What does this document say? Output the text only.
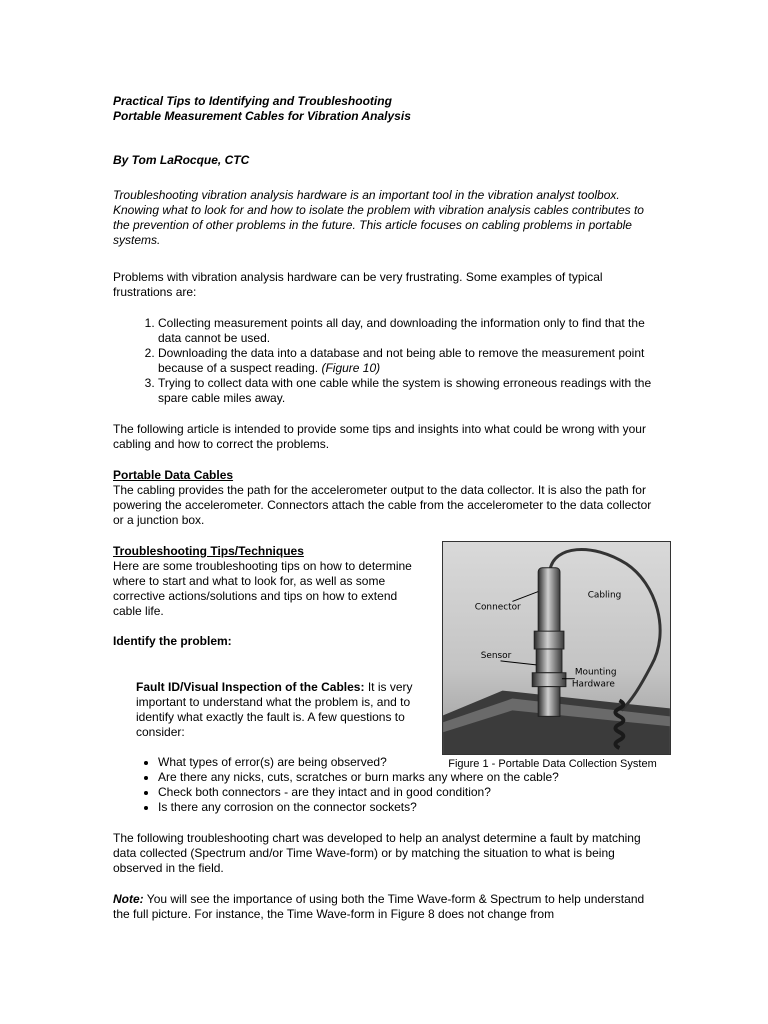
Practical Tips to Identifying and Troubleshooting

Portable Measurement Cables for Vibration Analysis

By Tom LaRocque, CTC

Troubleshooting vibration analysis hardware is an important tool in the vibration analyst toolbox. Knowing what to look for and how to isolate the problem with vibration analysis cables contributes to the prevention of other problems in the future. This article focuses on cabling problems in portable systems.

Problems with vibration analysis hardware can be very frustrating. Some examples of typical frustrations are:

1. Collecting measurement points all day, and downloading the information only to find that the data cannot be used.
2. Downloading the data into a database and not being able to remove the measurement point because of a suspect reading. (Figure 10)
3. Trying to collect data with one cable while the system is showing erroneous readings with the spare cable miles away.

The following article is intended to provide some tips and insights into what could be wrong with your cabling and how to correct the problems.

Portable Data Cables

The cabling provides the path for the accelerometer output to the data collector. It is also the path for powering the accelerometer. Connectors attach the cable from the accelerometer to the data collector or a junction box.

Troubleshooting Tips/Techniques

Here are some troubleshooting tips on how to determine where to start and what to look for, as well as some corrective actions/solutions and tips on how to extend cable life.

Identify the problem:

Fault ID/Visual Inspection of the Cables: It is very important to understand what the problem is, and to identify what exactly the fault is. A few questions to consider:

Connector
Cabling
Sensor
Mounting
Hardware
Figure 1 - Portable Data Collection System
• What types of error(s) are being observed?
• Are there any nicks, cuts, scratches or burn marks any where on the cable?
• Check both connectors - are they intact and in good condition?
• Is there any corrosion on the connector sockets?

The following troubleshooting chart was developed to help an analyst determine a fault by matching data collected (Spectrum and/or Time Wave-form) or by matching the situation to what is being observed in the field.

Note: You will see the importance of using both the Time Wave-form & Spectrum to help understand the full picture. For instance, the Time Wave-form in Figure 8 does not change from
